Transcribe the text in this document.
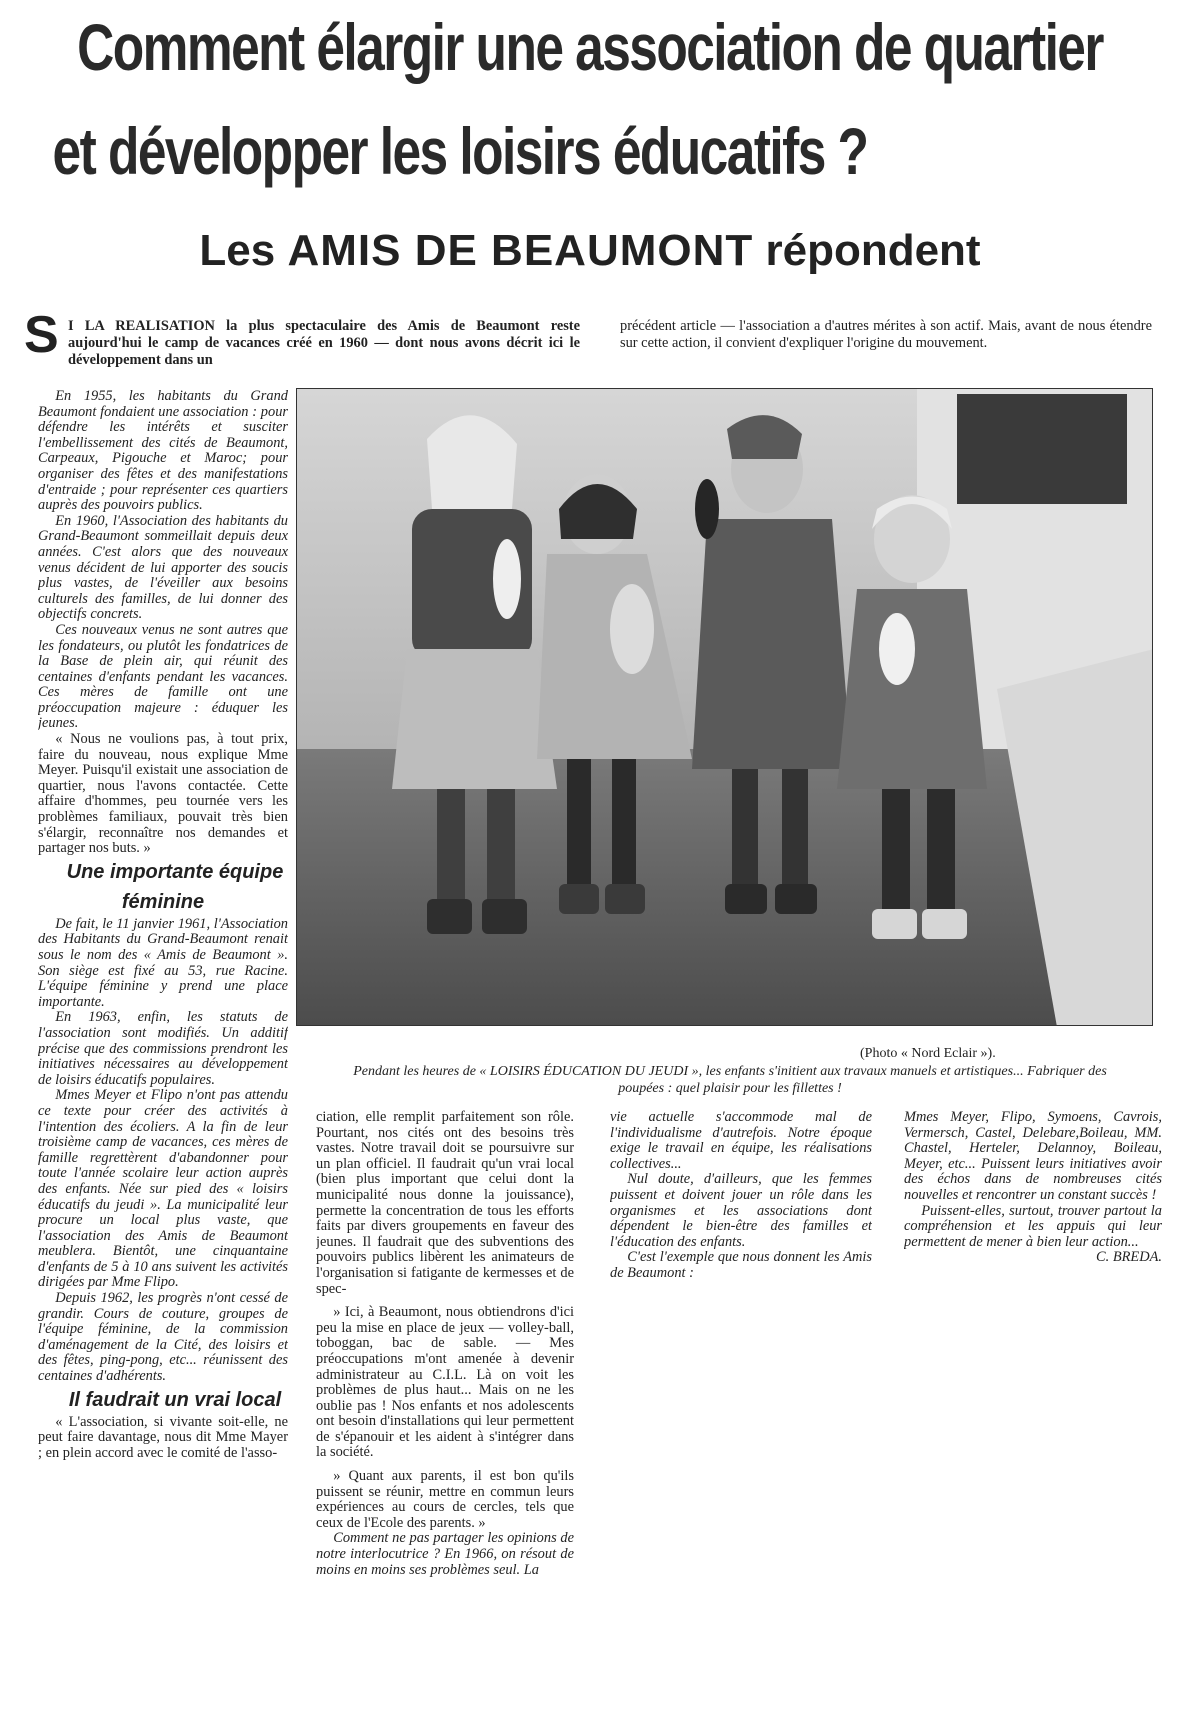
Comment élargir une association de quartier
et développer les loisirs éducatifs ?
Les AMIS DE BEAUMONT répondent
S I LA REALISATION la plus spectaculaire des Amis de Beaumont reste aujourd'hui le camp de vacances créé en 1960 — dont nous avons décrit ici le développement dans un
précédent article — l'association a d'autres mérites à son actif. Mais, avant de nous étendre sur cette action, il convient d'expliquer l'origine du mouvement.

En 1955, les habitants du Grand Beaumont fondaient une association : pour défendre les intérêts et susciter l'embellissement des cités de Beaumont, Carpeaux, Pigouche et Maroc; pour organiser des fêtes et des manifestations d'entraide ; pour représenter ces quartiers auprès des pouvoirs publics.

En 1960, l'Association des habitants du Grand-Beaumont sommeillait depuis deux années. C'est alors que des nouveaux venus décident de lui apporter des soucis plus vastes, de l'éveiller aux besoins culturels des familles, de lui donner des objectifs concrets.

Ces nouveaux venus ne sont autres que les fondateurs, ou plutôt les fondatrices de la Base de plein air, qui réunit des centaines d'enfants pendant les vacances. Ces mères de famille ont une préoccupation majeure : éduquer les jeunes.

« Nous ne voulions pas, à tout prix, faire du nouveau, nous explique Mme Meyer. Puisqu'il existait une association de quartier, nous l'avons contactée. Cette affaire d'hommes, peu tournée vers les problèmes familiaux, pouvait très bien s'élargir, reconnaître nos demandes et partager nos buts. »

Une importante équipe féminine

De fait, le 11 janvier 1961, l'Association des Habitants du Grand-Beaumont renait sous le nom des « Amis de Beaumont ». Son siège est fixé au 53, rue Racine. L'équipe féminine y prend une place importante.

En 1963, enfin, les statuts de l'association sont modifiés. Un additif précise que des commissions prendront les initiatives nécessaires au développement de loisirs éducatifs populaires.

Mmes Meyer et Flipo n'ont pas attendu ce texte pour créer des activités à l'intention des écoliers. A la fin de leur troisième camp de vacances, ces mères de famille regrettèrent d'abandonner pour toute l'année scolaire leur action auprès des enfants. Née sur pied des « loisirs éducatifs du jeudi ». La municipalité leur procure un local plus vaste, que l'association des Amis de Beaumont meublera. Bientôt, une cinquantaine d'enfants de 5 à 10 ans suivent les activités dirigées par Mme Flipo.

Depuis 1962, les progrès n'ont cessé de grandir. Cours de couture, groupes de l'équipe féminine, de la commission d'aménagement de la Cité, des loisirs et des fêtes, ping-pong, etc... réunissent des centaines d'adhérents.

Il faudrait un vrai local

« L'association, si vivante soit-elle, ne peut faire davantage, nous dit Mme Mayer ; en plein accord avec le comité de l'asso-

(Photo « Nord Eclair »).
Pendant les heures de « LOISIRS ÉDUCATION DU JEUDI », les enfants s'initient aux travaux manuels et artistiques... Fabriquer des poupées : quel plaisir pour les fillettes !

ciation, elle remplit parfaitement son rôle. Pourtant, nos cités ont des besoins très vastes. Notre travail doit se poursuivre sur un plan officiel. Il faudrait qu'un vrai local (bien plus important que celui dont la municipalité nous donne la jouissance), permette la concentration de tous les efforts faits par divers groupements en faveur des jeunes. Il faudrait que des subventions des pouvoirs publics libèrent les animateurs de l'organisation si fatigante de kermesses et de spec-

» Ici, à Beaumont, nous obtiendrons d'ici peu la mise en place de jeux — volley-ball, toboggan, bac de sable. — Mes préoccupations m'ont amenée à devenir administrateur au C.I.L. Là on voit les problèmes de plus haut... Mais on ne les oublie pas ! Nos enfants et nos adolescents ont besoin d'installations qui leur permettent de s'épanouir et les aident à s'intégrer dans la société.

» Quant aux parents, il est bon qu'ils puissent se réunir, mettre en commun leurs expériences au cours de cercles, tels que ceux de l'Ecole des parents. »

Comment ne pas partager les opinions de notre interlocutrice ? En 1966, on résout de moins en moins ses problèmes seul. La

vie actuelle s'accommode mal de l'individualisme d'autrefois. Notre époque exige le travail en équipe, les réalisations collectives...

Nul doute, d'ailleurs, que les femmes puissent et doivent jouer un rôle dans les organismes et les associations dont dépendent le bien-être des familles et l'éducation des enfants.

C'est l'exemple que nous donnent les Amis de Beaumont :

Mmes Meyer, Flipo, Symoens, Cavrois, Vermersch, Castel, Delebare,Boileau, MM. Chastel, Herteler, Delannoy, Boileau, Meyer, etc... Puissent leurs initiatives avoir des échos dans de nombreuses cités nouvelles et rencontrer un constant succès !

Puissent-elles, surtout, trouver partout la compréhension et les appuis qui leur permettent de mener à bien leur action...

C. BREDA.
